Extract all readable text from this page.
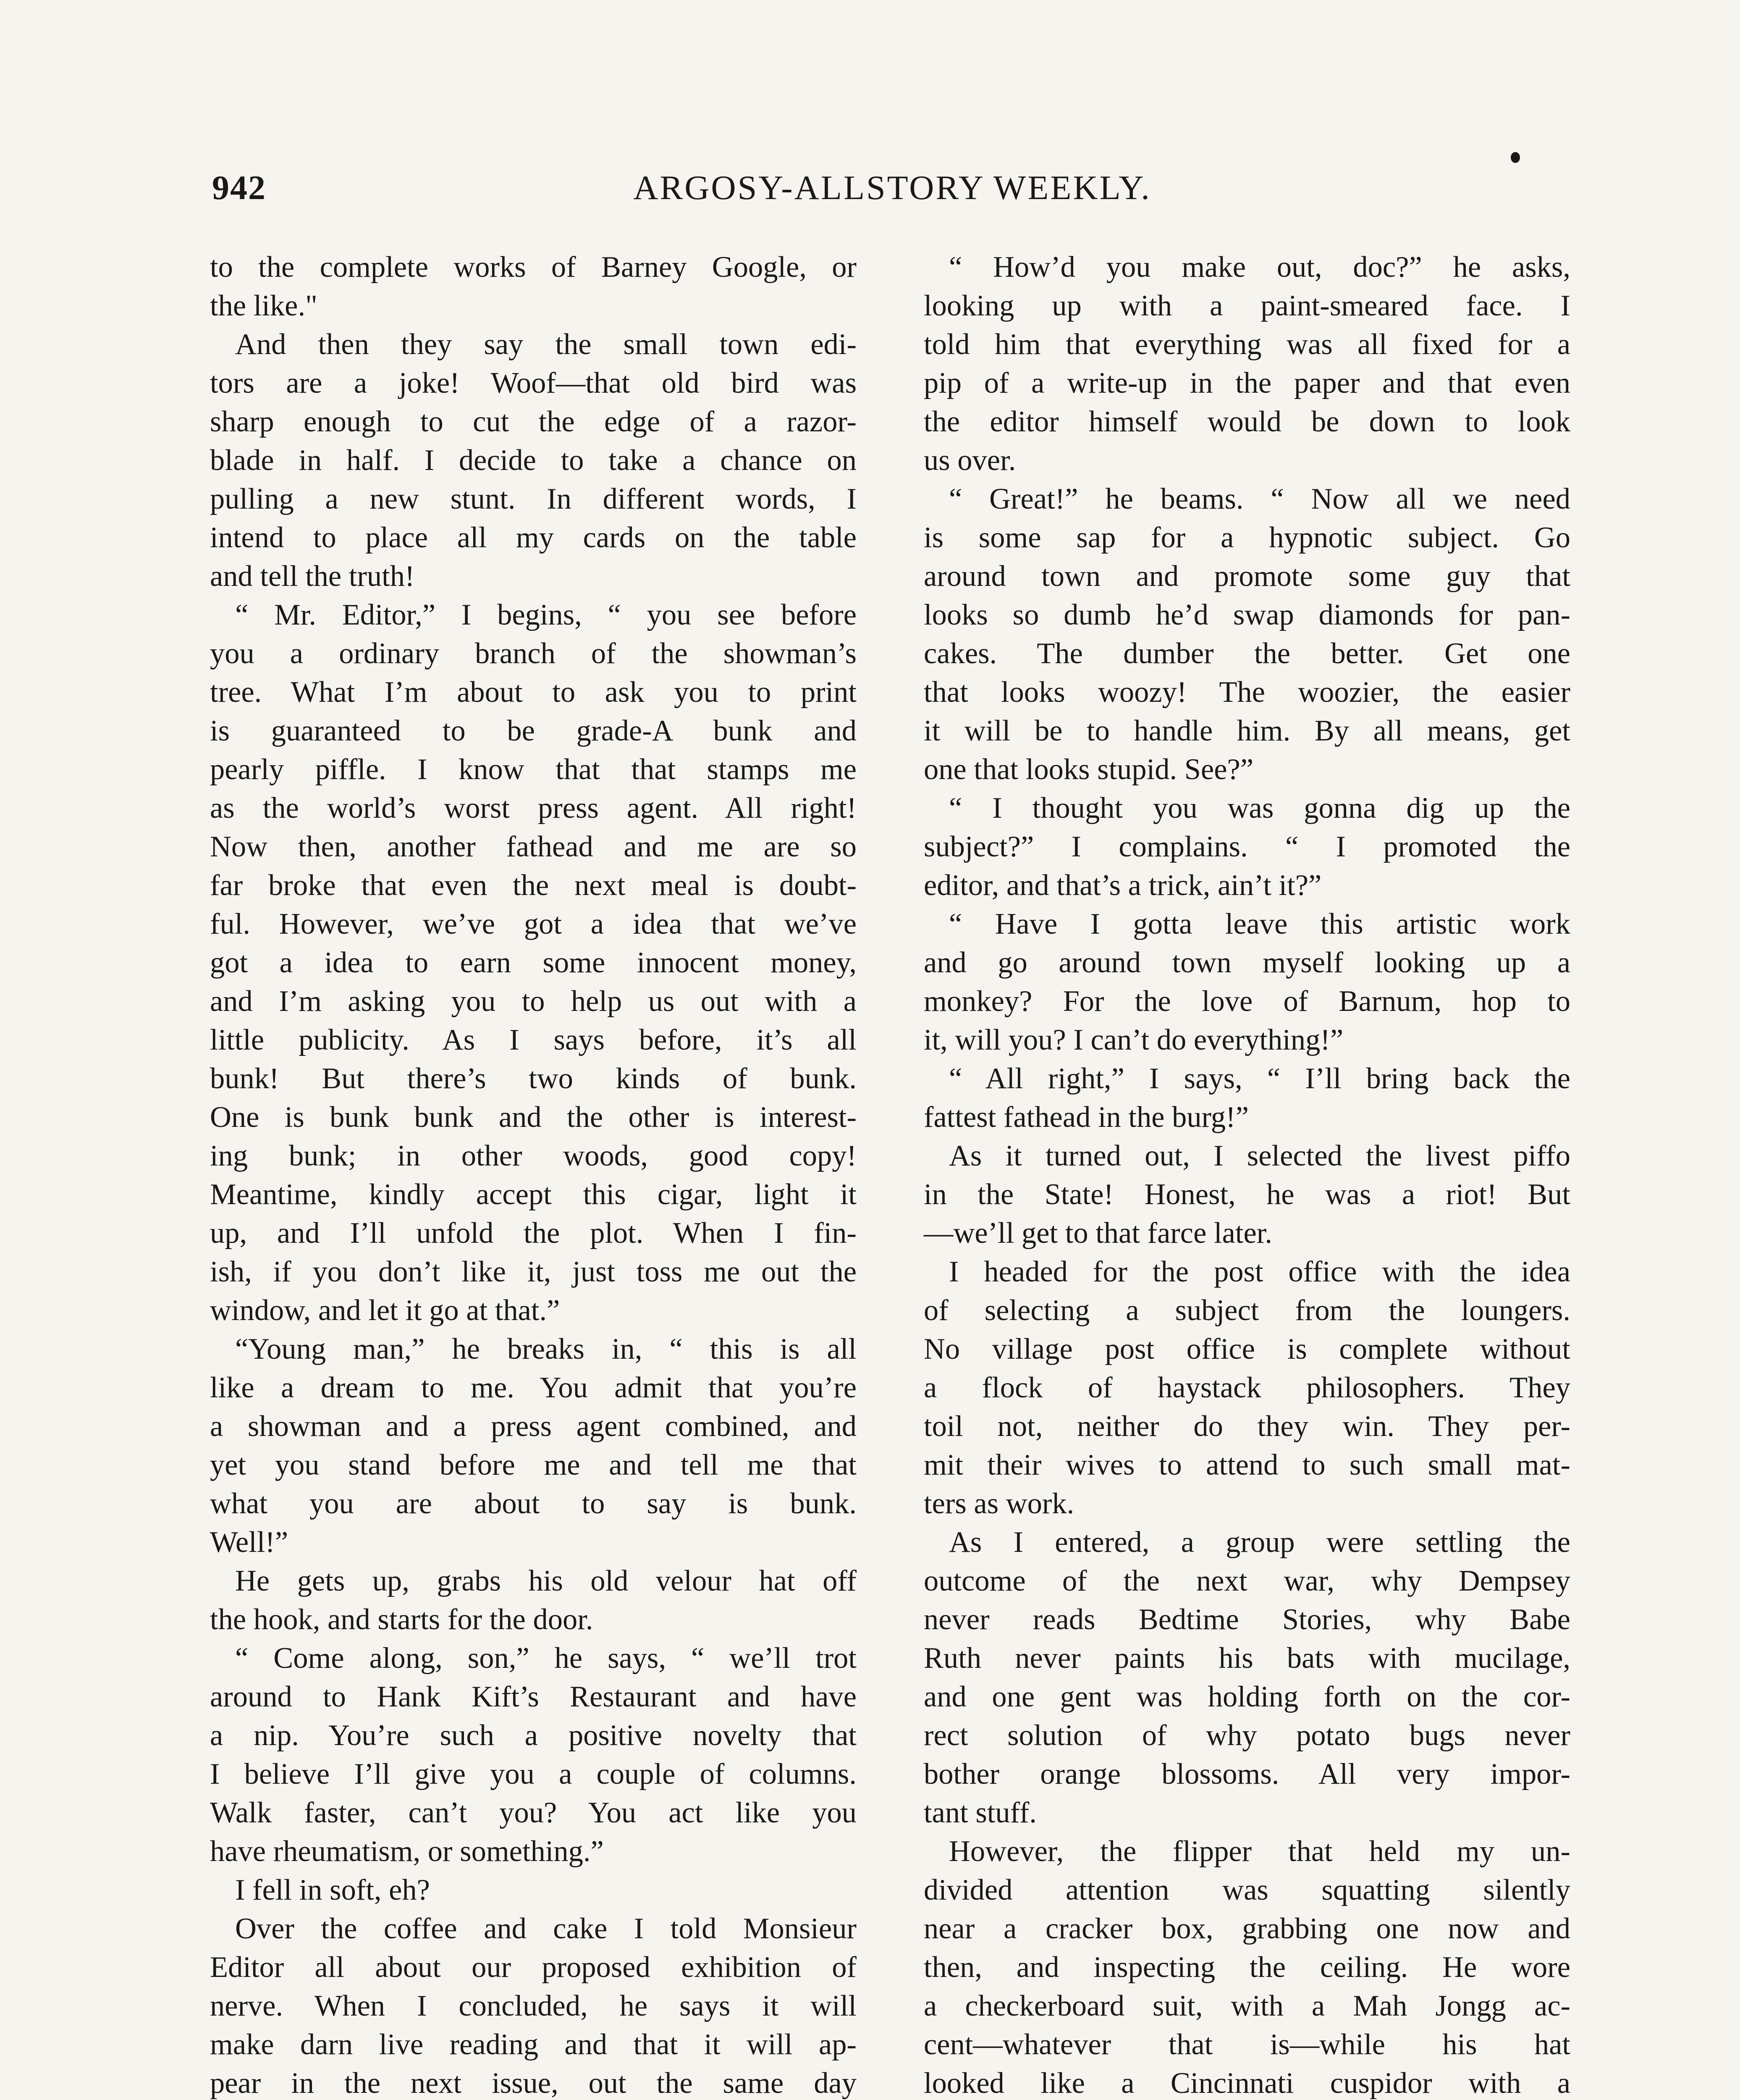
942	ARGOSY-ALLSTORY WEEKLY.
to the complete works of Barney Google, or
the like."
And then they say the small town edi-
tors are a joke! Woof—that old bird was
sharp enough to cut the edge of a razor-
blade in half. I decide to take a chance on
pulling a new stunt. In different words, I
intend to place all my cards on the table
and tell the truth!
“ Mr. Editor,” I begins, “ you see before
you a ordinary branch of the showman’s
tree. What I’m about to ask you to print
is guaranteed to be grade-A bunk and
pearly piffle. I know that that stamps me
as the world’s worst press agent. All right!
Now then, another fathead and me are so
far broke that even the next meal is doubt-
ful. However, we’ve got a idea that we’ve
got a idea to earn some innocent money,
and I’m asking you to help us out with a
little publicity. As I says before, it’s all
bunk! But there’s two kinds of bunk.
One is bunk bunk and the other is interest-
ing bunk; in other woods, good copy!
Meantime, kindly accept this cigar, light it
up, and I’ll unfold the plot. When I fin-
ish, if you don’t like it, just toss me out the
window, and let it go at that.”
“Young man,” he breaks in, “ this is all
like a dream to me. You admit that you’re
a showman and a press agent combined, and
yet you stand before me and tell me that
what you are about to say is bunk.
Well!”
He gets up, grabs his old velour hat off
the hook, and starts for the door.
“ Come along, son,” he says, “ we’ll trot
around to Hank Kift’s Restaurant and have
a nip. You’re such a positive novelty that
I believe I’ll give you a couple of columns.
Walk faster, can’t you? You act like you
have rheumatism, or something.”
I fell in soft, eh?
Over the coffee and cake I told Monsieur
Editor all about our proposed exhibition of
nerve. When I concluded, he says it will
make darn live reading and that it will ap-
pear in the next issue, out the same day
“ How’d you make out, doc?” he asks,
looking up with a paint-smeared face. I
told him that everything was all fixed for a
pip of a write-up in the paper and that even
the editor himself would be down to look
us over.
“ Great!” he beams. “ Now all we need
is some sap for a hypnotic subject. Go
around town and promote some guy that
looks so dumb he’d swap diamonds for pan-
cakes. The dumber the better. Get one
that looks woozy! The woozier, the easier
it will be to handle him. By all means, get
one that looks stupid. See?”
“ I thought you was gonna dig up the
subject?” I complains. “ I promoted the
editor, and that’s a trick, ain’t it?”
“ Have I gotta leave this artistic work
and go around town myself looking up a
monkey? For the love of Barnum, hop to
it, will you? I can’t do everything!”
“ All right,” I says, “ I’ll bring back the
fattest fathead in the burg!”
As it turned out, I selected the livest piffo
in the State! Honest, he was a riot! But
—we’ll get to that farce later.
I headed for the post office with the idea
of selecting a subject from the loungers.
No village post office is complete without
a flock of haystack philosophers. They
toil not, neither do they win. They per-
mit their wives to attend to such small mat-
ters as work.
As I entered, a group were settling the
outcome of the next war, why Dempsey
never reads Bedtime Stories, why Babe
Ruth never paints his bats with mucilage,
and one gent was holding forth on the cor-
rect solution of why potato bugs never
bother orange blossoms. All very impor-
tant stuff.
However, the flipper that held my un-
divided attention was squatting silently
near a cracker box, grabbing one now and
then, and inspecting the ceiling. He wore
a checkerboard suit, with a Mah Jongg ac-
cent—whatever that is—while his hat
looked like a Cincinnati cuspidor with a
